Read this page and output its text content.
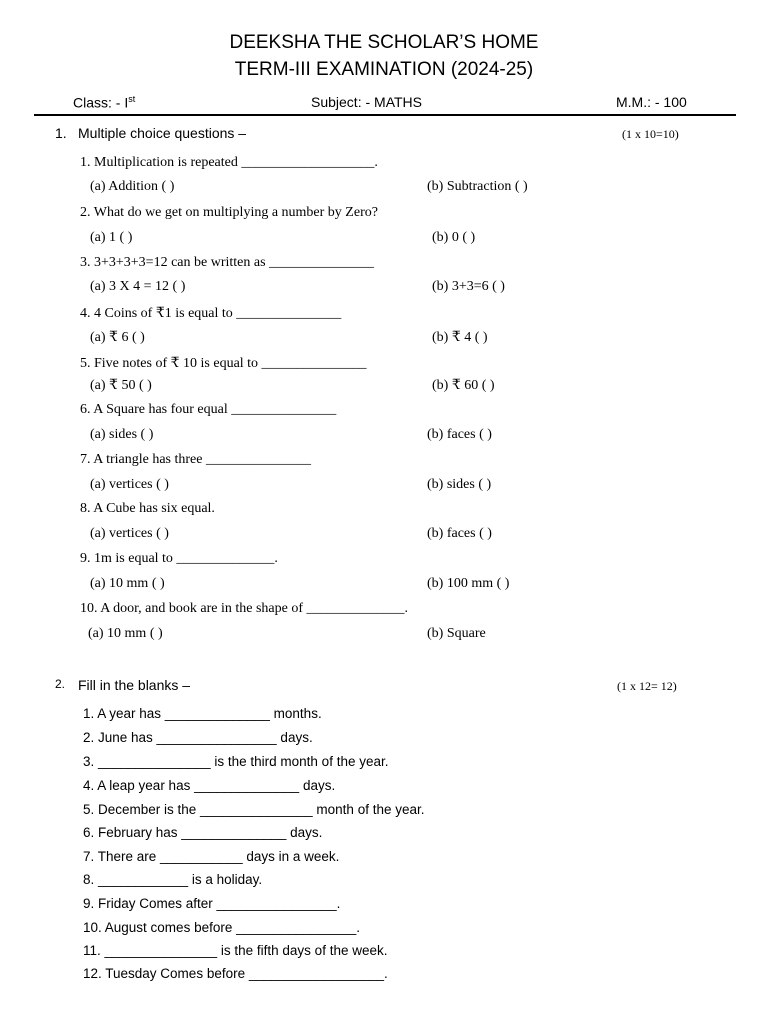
DEEKSHA THE SCHOLAR’S HOME
TERM-III EXAMINATION (2024-25)
Class: - Ist	Subject: - MATHS	M.M.: - 100
1. Multiple choice questions –	(1 x 10=10)
1. Multiplication is repeated ___________________.
(a) Addition ( )	(b) Subtraction ( )
2. What do we get on multiplying a number by Zero?
(a) 1 ( )	(b) 0 ( )
3. 3+3+3+3=12 can be written as _______________
(a) 3 X 4 = 12 ( )	(b) 3+3=6 ( )
4. 4 Coins of ₹1 is equal to _______________
(a) ₹ 6 ( )	(b) ₹ 4 ( )
5. Five notes of ₹ 10 is equal to _______________
(a) ₹ 50 ( )	(b) ₹ 60 ( )
6. A Square has four equal _______________
(a) sides ( )	(b) faces ( )
7. A triangle has three _______________
(a) vertices ( )	(b) sides ( )
8. A Cube has six equal.
(a) vertices ( )	(b) faces ( )
9. 1m is equal to ______________.
(a) 10 mm ( )	(b) 100 mm ( )
10. A door, and book are in the shape of ______________.
(a) 10 mm ( )	(b) Square
2. Fill in the blanks –	(1 x 12= 12)
1. A year has ______________ months.
2. June has ________________ days.
3. _______________ is the third month of the year.
4. A leap year has ______________ days.
5. December is the _______________ month of the year.
6. February has ______________ days.
7. There are ___________ days in a week.
8. ____________ is a holiday.
9. Friday Comes after ________________.
10. August comes before ________________.
11. _______________ is the fifth days of the week.
12. Tuesday Comes before __________________.
